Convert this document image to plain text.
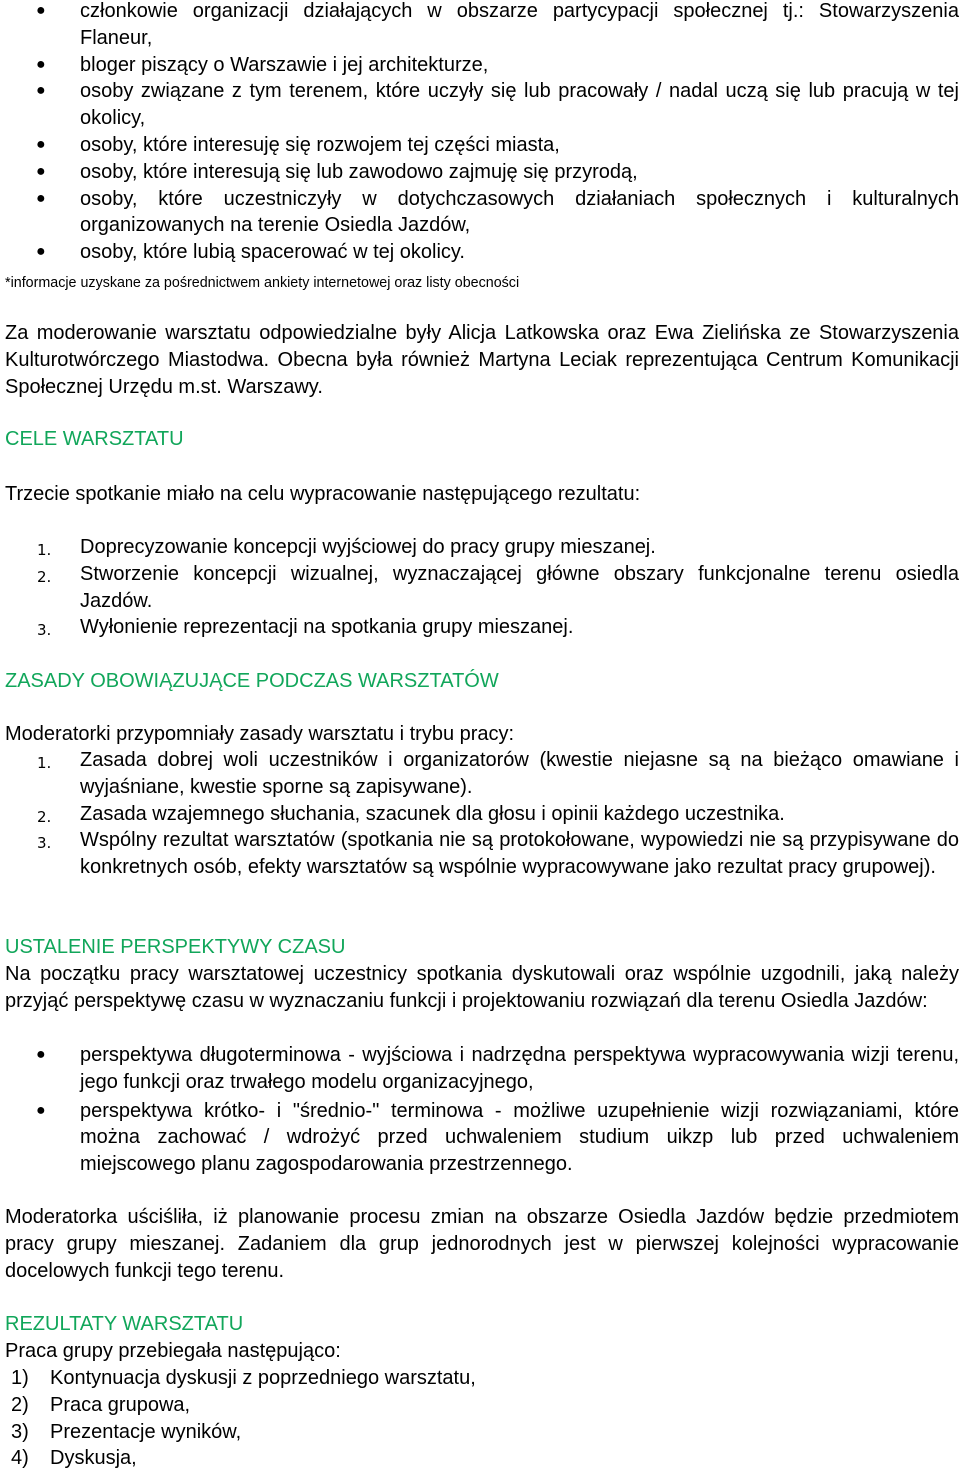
● członkowie organizacji działających w obszarze partycypacji społecznej tj.: Stowarzyszenia Flaneur,
● bloger piszący o Warszawie i jej architekturze,
● osoby związane z tym terenem, które uczyły się lub pracowały / nadal uczą się lub pracują w tej okolicy,
● osoby, które interesuję się rozwojem tej części miasta,
● osoby, które interesują się lub zawodowo zajmuję się przyrodą,
● osoby, które uczestniczyły w dotychczasowych działaniach społecznych i kulturalnych organizowanych na terenie Osiedla Jazdów,
● osoby, które lubią spacerować w tej okolicy.

*informacje uzyskane za pośrednictwem ankiety internetowej oraz listy obecności

Za moderowanie warsztatu odpowiedzialne były Alicja Latkowska oraz Ewa Zielińska ze Stowarzyszenia Kulturotwórczego Miastodwa. Obecna była również Martyna Leciak reprezentująca Centrum Komunikacji Społecznej Urzędu m.st. Warszawy.

CELE WARSZTATU

Trzecie spotkanie miało na celu wypracowanie następującego rezultatu:

1. Doprecyzowanie koncepcji wyjściowej do pracy grupy mieszanej.
2. Stworzenie koncepcji wizualnej, wyznaczającej główne obszary funkcjonalne terenu osiedla Jazdów.
3. Wyłonienie reprezentacji na spotkania grupy mieszanej.

ZASADY OBOWIĄZUJĄCE PODCZAS WARSZTATÓW

Moderatorki przypomniały zasady warsztatu i trybu pracy:

1. Zasada dobrej woli uczestników i organizatorów (kwestie niejasne są na bieżąco omawiane i wyjaśniane, kwestie sporne są zapisywane).
2. Zasada wzajemnego słuchania, szacunek dla głosu i opinii każdego uczestnika.
3. Wspólny rezultat warsztatów (spotkania nie są protokołowane, wypowiedzi nie są przypisywane do konkretnych osób, efekty warsztatów są wspólnie wypracowywane jako rezultat pracy grupowej).

USTALENIE PERSPEKTYWY CZASU

Na początku pracy warsztatowej uczestnicy spotkania dyskutowali oraz wspólnie uzgodnili, jaką należy przyjąć perspektywę czasu w wyznaczaniu funkcji i projektowaniu rozwiązań dla terenu Osiedla Jazdów:

● perspektywa długoterminowa - wyjściowa i nadrzędna perspektywa wypracowywania wizji terenu, jego funkcji oraz trwałego modelu organizacyjnego,
● perspektywa krótko- i "średnio-" terminowa - możliwe uzupełnienie wizji rozwiązaniami, które można zachować / wdrożyć przed uchwaleniem studium uikzp lub przed uchwaleniem miejscowego planu zagospodarowania przestrzennego.

Moderatorka uściśliła, iż planowanie procesu zmian na obszarze Osiedla Jazdów będzie przedmiotem pracy grupy mieszanej. Zadaniem dla grup jednorodnych jest w pierwszej kolejności wypracowanie docelowych funkcji tego terenu.

REZULTATY WARSZTATU

Praca grupy przebiegała następująco:

1) Kontynuacja dyskusji z poprzedniego warsztatu,
2) Praca grupowa,
3) Prezentacje wyników,
4) Dyskusja,
